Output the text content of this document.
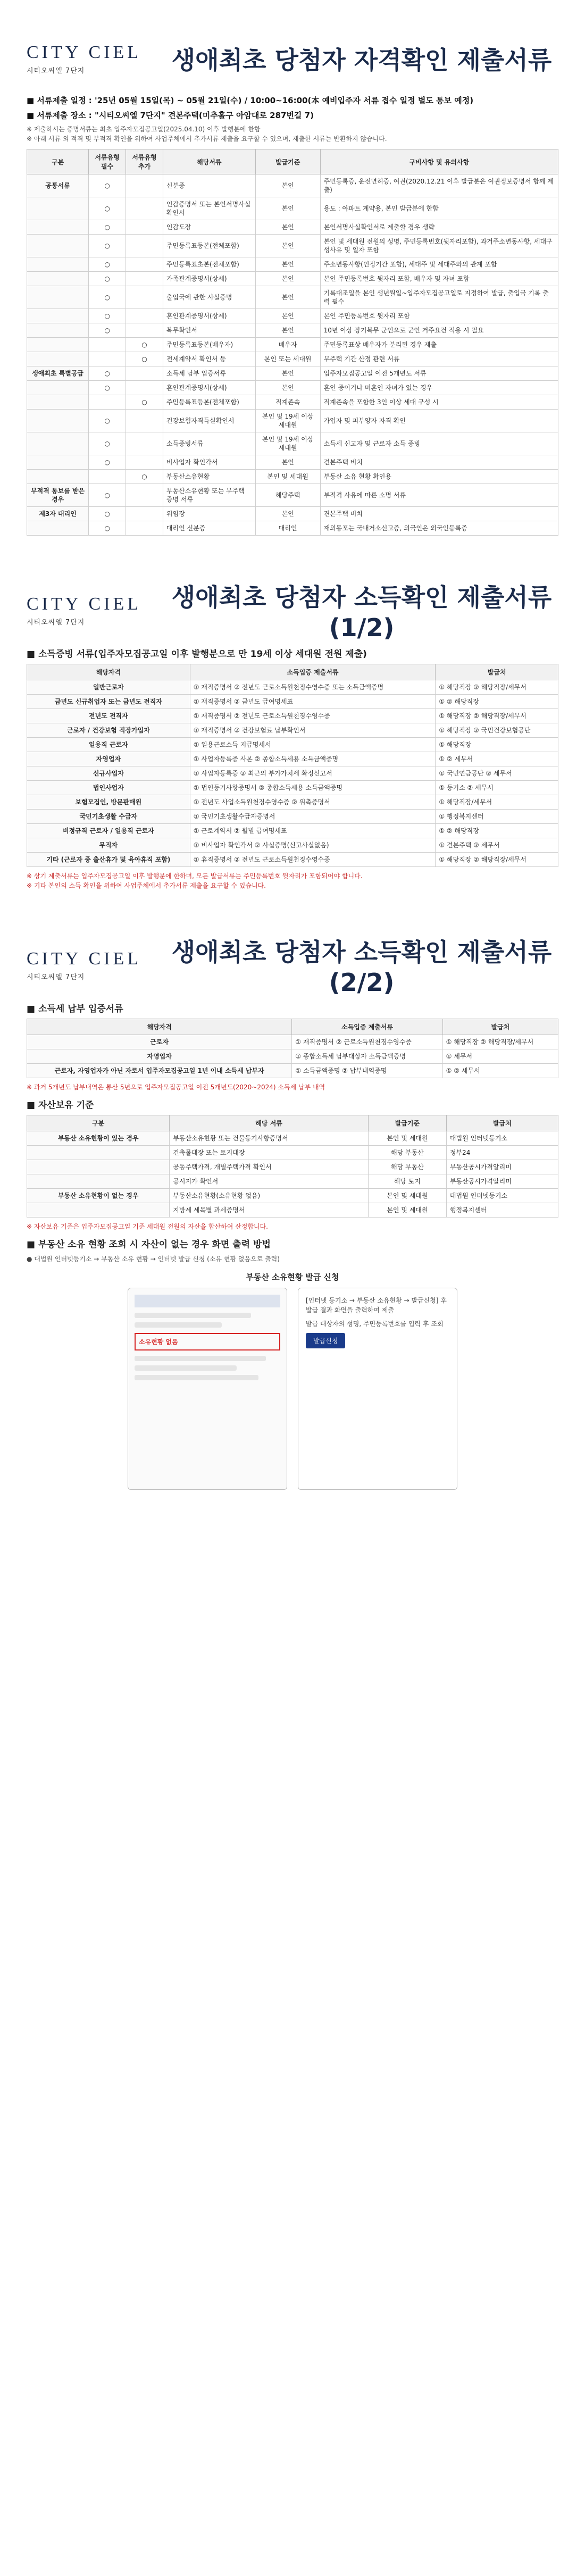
CITY CIEL
시티오씨엘 7단지	생애최초 당첨자 자격확인 제출서류
■ 서류제출 일정 : '25년 05월 15일(목) ~ 05월 21일(수) / 10:00~16:00(本 예비입주자 서류 접수 일정 별도 통보 예정)
■ 서류제출 장소 : "시티오씨엘 7단지" 견본주택(미추홀구 아암대로 287번길 7)
※ 제출하시는 증명서류는 최초 입주자모집공고일(2025.04.10) 이후 발행분에 한함
※ 아래 서류 외 적격 및 부적격 확인을 위하여 사업주체에서 추가서류 제출을 요구할 수 있으며, 제출한 서류는 반환하지 않습니다.
구분	서류유형 필수	서류유형 추가	해당서류	발급기준	구비사항 및 유의사항
공통서류	○		신분증	본인	주민등록증, 운전면허증, 여권(2020.12.21 이후 발급분은 여권정보증명서 함께 제출)
	○		인감증명서 또는 본인서명사실확인서	본인	용도 : 아파트 계약용, 본인 발급분에 한함
	○		인감도장	본인	본인서명사실확인서로 제출할 경우 생략
	○		주민등록표등본(전체포함)	본인	본인 및 세대원 전원의 성명, 주민등록번호(뒷자리포함), 과거주소변동사항, 세대구성사유 및 일자 포함
	○		주민등록표초본(전체포함)	본인	주소변동사항(인정기간 포함), 세대주 및 세대주와의 관계 포함
	○		가족관계증명서(상세)	본인	본인 주민등록번호 뒷자리 포함, 배우자 및 자녀 포함
	○		출입국에 관한 사실증명	본인	기록대조일을 본인 생년월일~입주자모집공고일로 지정하여 발급, 출입국 기록 출력 필수
	○		혼인관계증명서(상세)	본인	본인 주민등록번호 뒷자리 포함
	○		복무확인서	본인	10년 이상 장기복무 군인으로 군인 거주요건 적용 시 필요
		○	주민등록표등본(배우자)	배우자	주민등록표상 배우자가 분리된 경우 제출
		○	전세계약서 확인서 등	본인 또는 세대원	무주택 기간 산정 관련 서류
생애최초 특별공급	○		소득세 납부 입증서류	본인	입주자모집공고일 이전 5개년도 서류
	○		혼인관계증명서(상세)	본인	혼인 중이거나 미혼인 자녀가 있는 경우
		○	주민등록표등본(전체포함)	직계존속	직계존속을 포함한 3인 이상 세대 구성 시
	○		건강보험자격득실확인서	본인 및 19세 이상 세대원	가입자 및 피부양자 자격 확인
	○		소득증빙서류	본인 및 19세 이상 세대원	소득세 신고자 및 근로자 소득 증빙
	○		비사업자 확인각서	본인	견본주택 비치
		○	부동산소유현황	본인 및 세대원	부동산 소유 현황 확인용
부적격 통보를 받은 경우	○		부동산소유현황 또는 무주택 증명 서류	해당주택	부적격 사유에 따른 소명 서류
제3자 대리인	○		위임장	본인	견본주택 비치
	○		대리인 신분증	대리인	재외동포는 국내거소신고증, 외국인은 외국인등록증
CITY CIEL
시티오씨엘 7단지
생애최초 당첨자 소득확인 제출서류(1/2)
■ 소득증빙 서류(입주자모집공고일 이후 발행분으로 만 19세 이상 세대원 전원 제출)
해당자격	소득입증 제출서류	발급처
일반근로자	① 재직증명서 ② 전년도 근로소득원천징수영수증 또는 소득금액증명	① 해당직장 ② 해당직장/세무서
금년도 신규취업자 또는 금년도 전직자	① 재직증명서 ② 금년도 급여명세표	① ② 해당직장
전년도 전직자	① 재직증명서 ② 전년도 근로소득원천징수영수증	① 해당직장 ② 해당직장/세무서
근로자 / 건강보험 직장가입자	① 재직증명서 ② 건강보험료 납부확인서	① 해당직장 ② 국민건강보험공단
일용직 근로자	① 일용근로소득 지급명세서	① 해당직장
자영업자	① 사업자등록증 사본 ② 종합소득세용 소득금액증명	① ② 세무서
신규사업자	① 사업자등록증 ② 최근의 부가가치세 확정신고서	① 국민연금공단 ② 세무서
법인사업자	① 법인등기사항증명서 ② 종합소득세용 소득금액증명	① 등기소 ② 세무서
보험모집인, 방문판매원	① 전년도 사업소득원천징수영수증 ② 위촉증명서	① 해당직장/세무서
국민기초생활 수급자	① 국민기초생활수급자증명서	① 행정복지센터
비정규직 근로자 / 일용직 근로자	① 근로계약서 ② 월별 급여명세표	① ② 해당직장
무직자	① 비사업자 확인각서 ② 사실증명(신고사실없음)	① 견본주택 ② 세무서
기타 (근로자 중 출산휴가 및 육아휴직 포함)	① 휴직증명서 ② 전년도 근로소득원천징수영수증	① 해당직장 ② 해당직장/세무서

※ 상기 제출서류는 입주자모집공고일 이후 발행분에 한하며, 모든 발급서류는 주민등록번호 뒷자리가 포함되어야 합니다.

※ 기타 본인의 소득 확인을 위하여 사업주체에서 추가서류 제출을 요구할 수 있습니다.

CITY CIEL
시티오씨엘 7단지
생애최초 당첨자 소득확인 제출서류(2/2)
■ 소득세 납부 입증서류
해당자격	소득입증 제출서류	발급처
근로자	① 재직증명서 ② 근로소득원천징수영수증	① 해당직장 ② 해당직장/세무서
자영업자	① 종합소득세 납부대상자 소득금액증명	① 세무서
근로자, 자영업자가 아닌 자로서 입주자모집공고일 1년 이내 소득세 납부자	① 소득금액증명 ② 납부내역증명	① ② 세무서

※ 과거 5개년도 납부내역은 통산 5년으로 입주자모집공고일 이전 5개년도(2020~2024) 소득세 납부 내역

■ 자산보유 기준
구분	해당 서류	발급기준	발급처
부동산 소유현황이 있는 경우	부동산소유현황 또는 건물등기사항증명서	본인 및 세대원	대법원 인터넷등기소
	건축물대장 또는 토지대장	해당 부동산	정부24
	공동주택가격, 개별주택가격 확인서	해당 부동산	부동산공시가격알리미
	공시지가 확인서	해당 토지	부동산공시가격알리미
부동산 소유현황이 없는 경우	부동산소유현황(소유현황 없음)	본인 및 세대원	대법원 인터넷등기소
	지방세 세목별 과세증명서	본인 및 세대원	행정복지센터

※ 자산보유 기준은 입주자모집공고일 기준 세대원 전원의 자산을 합산하여 산정합니다.

■ 부동산 소유 현황 조회 시 자산이 없는 경우 화면 출력 방법
● 대법원 인터넷등기소 → 부동산 소유 현황 → 인터넷 발급 신청 (소유 현황 없음으로 출력)
부동산 소유현황 발급 신청
소유현황 없음

[인터넷 등기소 → 부동산 소유현황 → 발급신청] 후 발급 결과 화면을 출력하여 제출

발급 대상자의 성명, 주민등록번호를 입력 후 조회

발급신청
